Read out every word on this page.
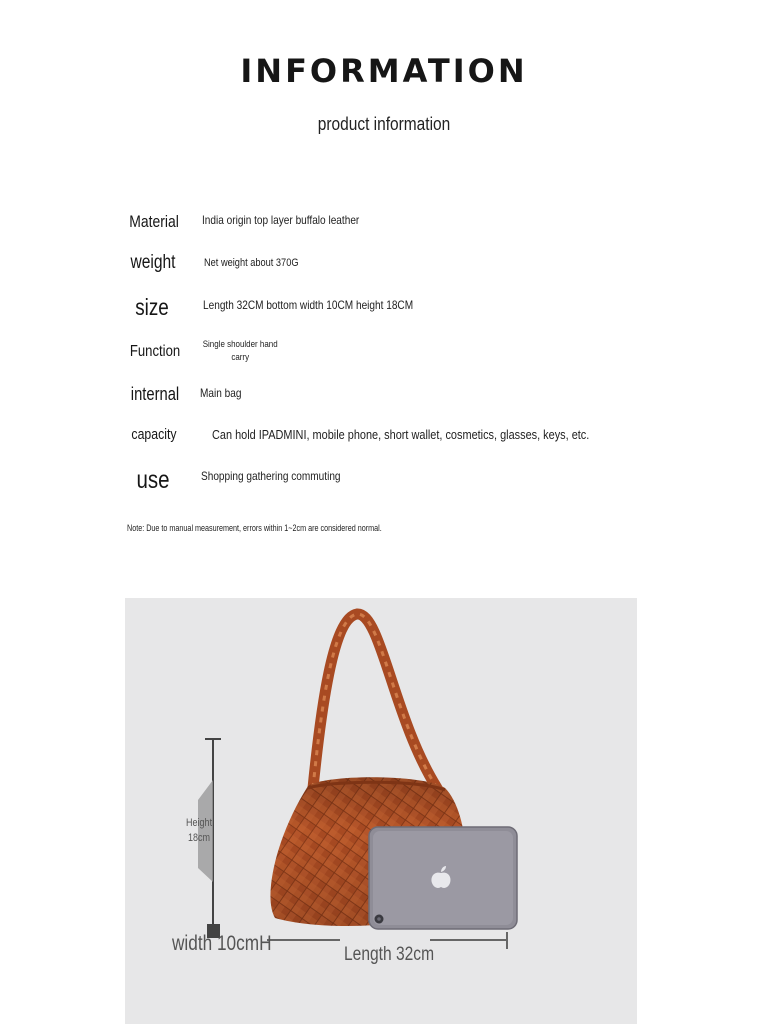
INFORMATION
product information
Material	India origin top layer buffalo leather
weight	Net weight about 370G
size	Length 32CM bottom width 10CM height 18CM
Function	Single shoulder hand carry
internal	Main bag
capacity	Can hold IPADMINI, mobile phone, short wallet, cosmetics, glasses, keys, etc.
use	Shopping gathering commuting
Note: Due to manual measurement, errors within 1~2cm are considered normal.
Height
18cm
width 10cmH	Length 32cm
